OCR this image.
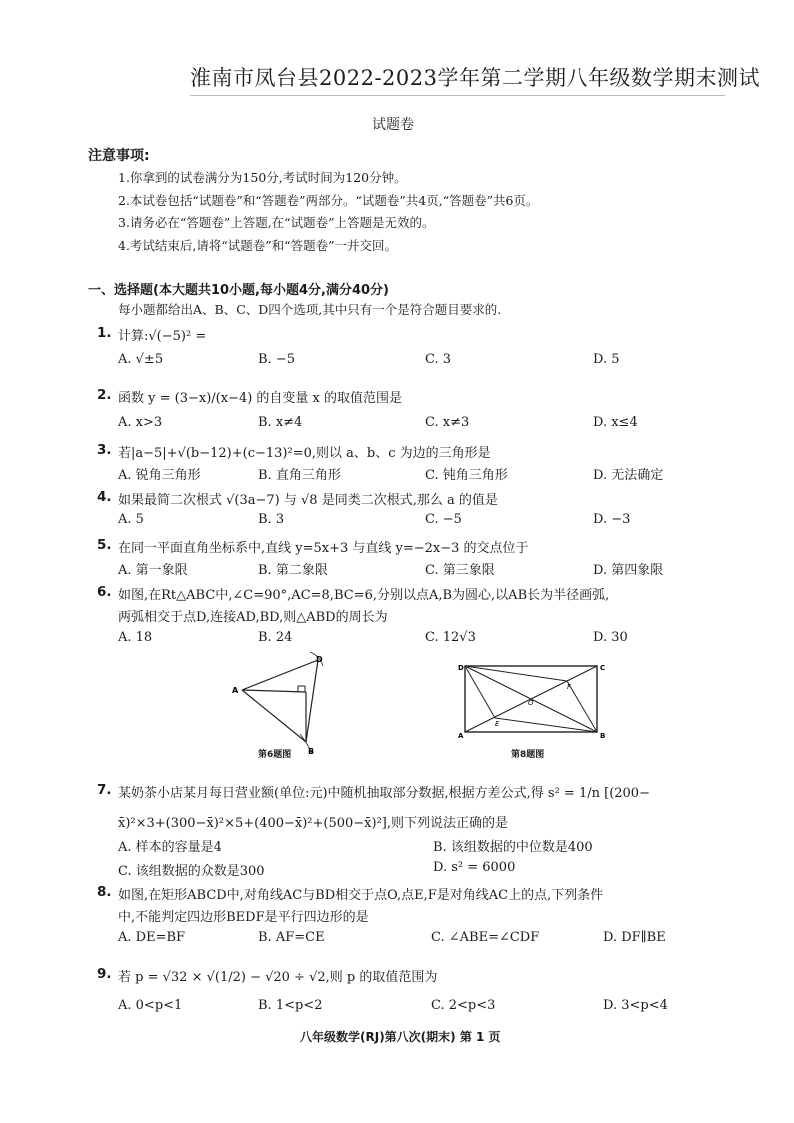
淮南市凤台县2022-2023学年第二学期八年级数学期末测试
试题卷
注意事项:
1.你拿到的试卷满分为150分,考试时间为120分钟。
2.本试卷包括“试题卷”和“答题卷”两部分。“试题卷”共4页,“答题卷”共6页。
3.请务必在“答题卷”上答题,在“试题卷”上答题是无效的。
4.考试结束后,请将“试题卷”和“答题卷”一并交回。
一、选择题(本大题共10小题,每小题4分,满分40分)
每小题都给出A、B、C、D四个选项,其中只有一个是符合题目要求的.
1. 计算:√(−5)² =
A. √±5	B. −5	C. 3	D. 5
2. 函数 y = (3−x)/(x−4) 的自变量 x 的取值范围是
A. x>3	B. x≠4	C. x≠3	D. x≤4
3. 若|a−5|+√(b−12)+(c−13)²=0,则以 a、b、c 为边的三角形是
A. 锐角三角形	B. 直角三角形	C. 钝角三角形	D. 无法确定
4. 如果最简二次根式 √(3a−7) 与 √8 是同类二次根式,那么 a 的值是
A. 5	B. 3	C. −5	D. −3
5. 在同一平面直角坐标系中,直线 y=5x+3 与直线 y=−2x−3 的交点位于
A. 第一象限	B. 第二象限	C. 第三象限	D. 第四象限
6. 如图,在Rt△ABC中,∠C=90°,AC=8,BC=6,分别以点A,B为圆心,以AB长为半径画弧,
两弧相交于点D,连接AD,BD,则△ABD的周长为
A. 18	B. 24	C. 12√3	D. 30
A
B
D
第6题图
D	C
A	B
O
E
F
第8题图
7. 某奶茶小店某月每日营业额(单位:元)中随机抽取部分数据,根据方差公式,得 s² = 1/n [(200−
x̄)²×3+(300−x̄)²×5+(400−x̄)²+(500−x̄)²],则下列说法正确的是
A. 样本的容量是4	B. 该组数据的中位数是400
C. 该组数据的众数是300	D. s² = 6000
8. 如图,在矩形ABCD中,对角线AC与BD相交于点O,点E,F是对角线AC上的点,下列条件
中,不能判定四边形BEDF是平行四边形的是
A. DE=BF	B. AF=CE	C. ∠ABE=∠CDF	D. DF∥BE
9. 若 p = √32 × √(1/2) − √20 ÷ √2,则 p 的取值范围为
A. 0<p<1	B. 1<p<2	C. 2<p<3	D. 3<p<4
八年级数学(RJ)第八次(期末) 第 1 页
